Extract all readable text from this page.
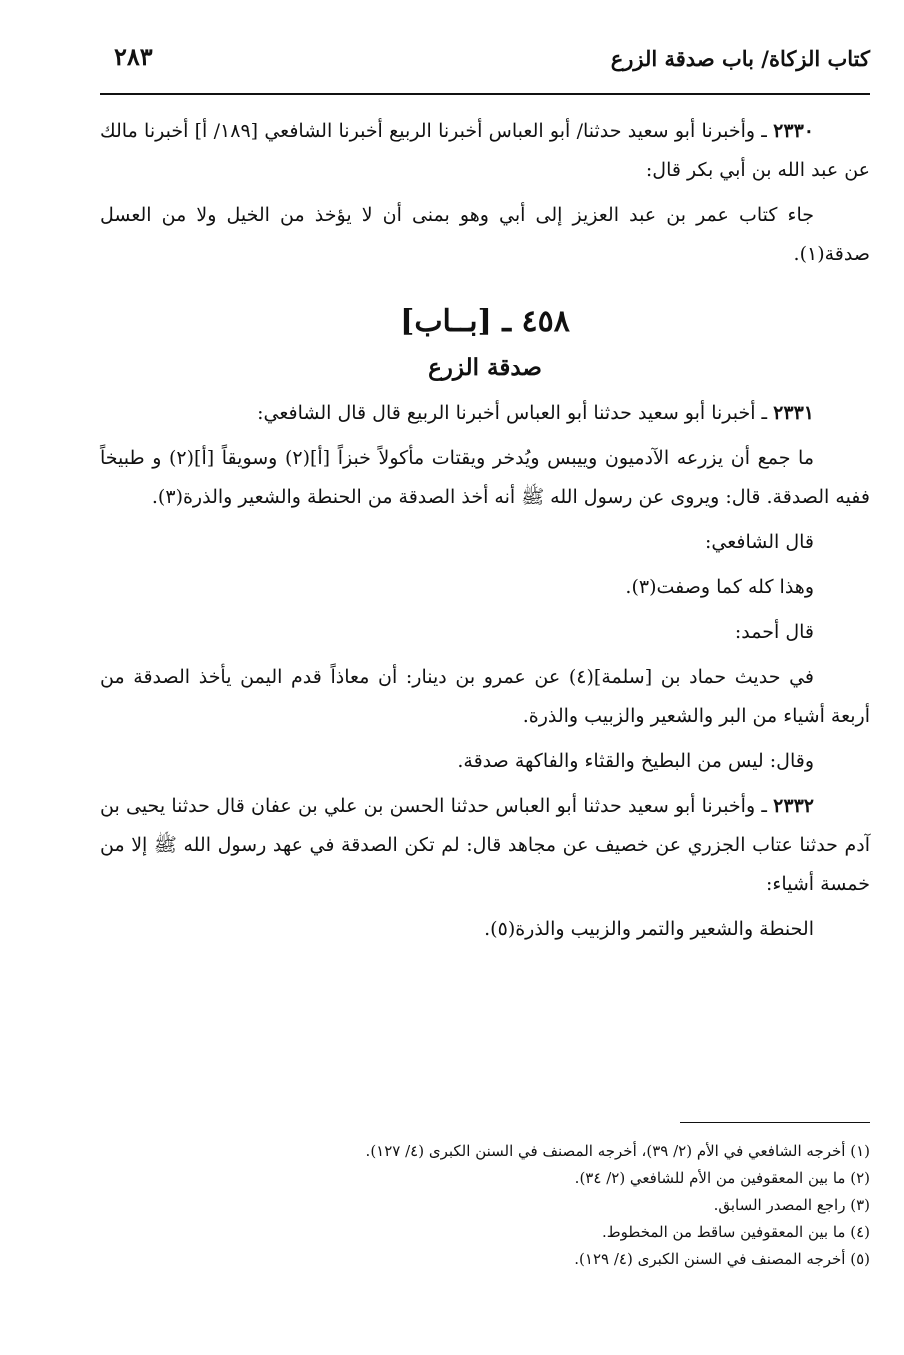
كتاب الزكاة/ باب صدقة الزرع
٢٨٣

٢٣٣٠ ـ وأخبرنا أبو سعيد حدثنا/ أبو العباس أخبرنا الربيع أخبرنا الشافعي [١٨٩/ أ] أخبرنا مالك عن عبد الله بن أبي بكر قال:

جاء كتاب عمر بن عبد العزيز إلى أبي وهو بمنى أن لا يؤخذ من الخيل ولا من العسل صدقة(١).

٤٥٨ ـ [بــاب]
صدقة الزرع

٢٣٣١ ـ أخبرنا أبو سعيد حدثنا أبو العباس أخبرنا الربيع قال قال الشافعي:

ما جمع أن يزرعه الآدميون وييبس ويُدخر ويقتات مأكولاً خبزاً [أ](٢) وسويقاً [أ](٢) و طبيخاً ففيه الصدقة. قال: ويروى عن رسول الله ﷺ أنه أخذ الصدقة من الحنطة والشعير والذرة(٣).

قال الشافعي:

وهذا كله كما وصفت(٣).

قال أحمد:

في حديث حماد بن [سلمة](٤) عن عمرو بن دينار: أن معاذاً قدم اليمن يأخذ الصدقة من أربعة أشياء من البر والشعير والزبيب والذرة.

وقال: ليس من البطيخ والقثاء والفاكهة صدقة.

٢٣٣٢ ـ وأخبرنا أبو سعيد حدثنا أبو العباس حدثنا الحسن بن علي بن عفان قال حدثنا يحيى بن آدم حدثنا عتاب الجزري عن خصيف عن مجاهد قال: لم تكن الصدقة في عهد رسول الله ﷺ إلا من خمسة أشياء:

الحنطة والشعير والتمر والزبيب والذرة(٥).

(١) أخرجه الشافعي في الأم (٢/ ٣٩)، أخرجه المصنف في السنن الكبرى (٤/ ١٢٧).
(٢) ما بين المعقوفين من الأم للشافعي (٢/ ٣٤).
(٣) راجع المصدر السابق.
(٤) ما بين المعقوفين ساقط من المخطوط.
(٥) أخرجه المصنف في السنن الكبرى (٤/ ١٢٩).
